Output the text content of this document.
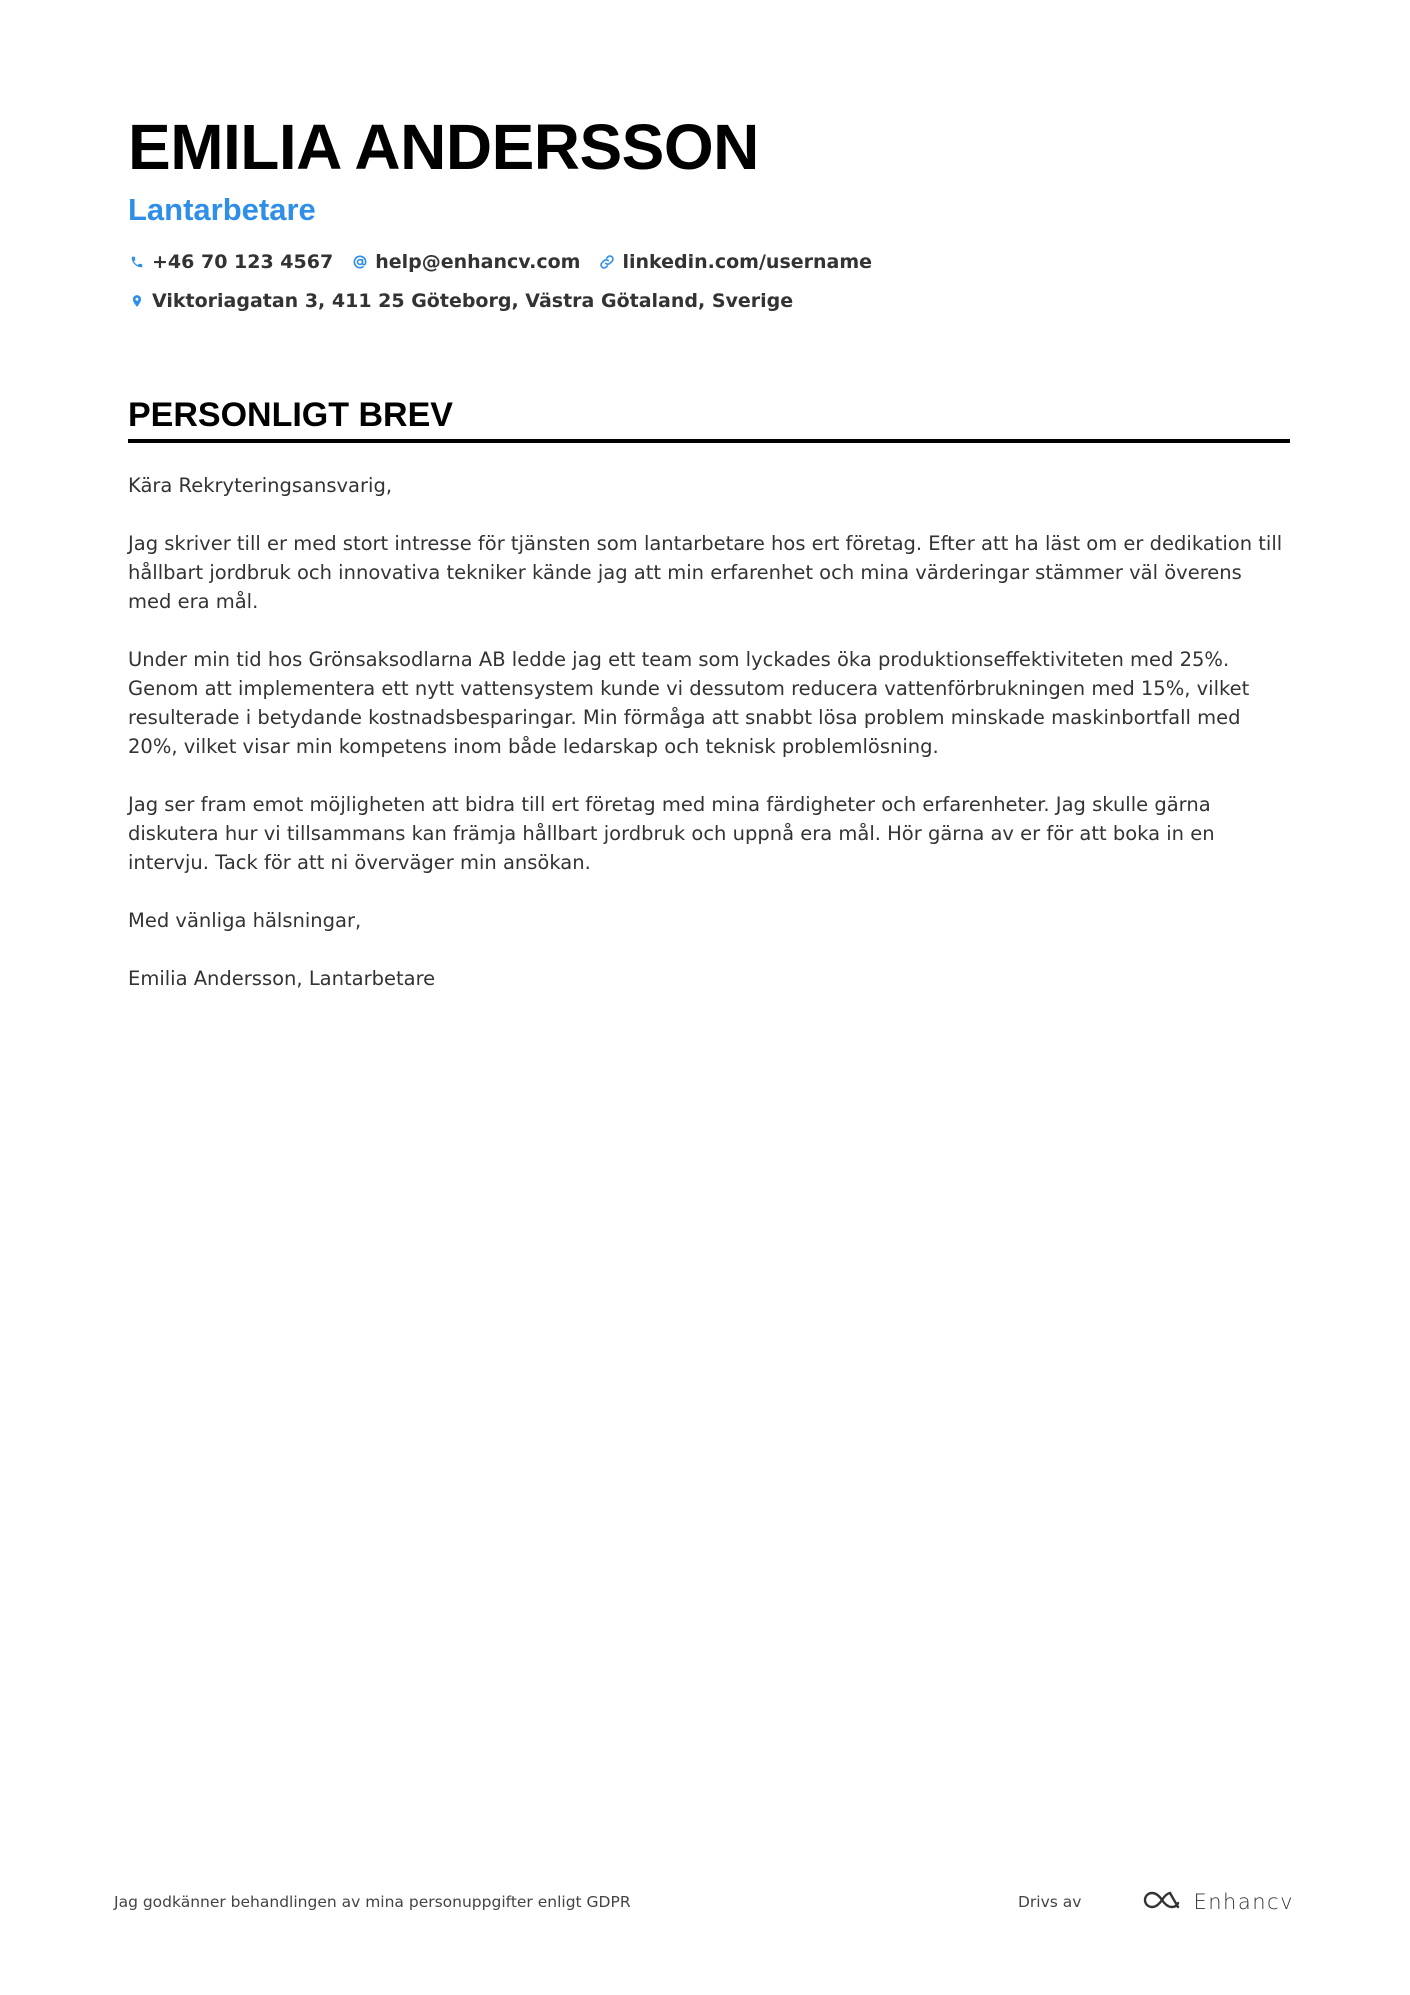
EMILIA ANDERSSON
Lantarbetare
+46 70 123 4567 help@enhancv.com linkedin.com/username
Viktoriagatan 3, 411 25 Göteborg, Västra Götaland, Sverige
PERSONLIGT BREV

Kära Rekryteringsansvarig,

Jag skriver till er med stort intresse för tjänsten som lantarbetare hos ert företag. Efter att ha läst om er dedikation till hållbart jordbruk och innovativa tekniker kände jag att min erfarenhet och mina värderingar stämmer väl överens med era mål.

Under min tid hos Grönsaksodlarna AB ledde jag ett team som lyckades öka produktionseffektiviteten med 25%. Genom att implementera ett nytt vattensystem kunde vi dessutom reducera vattenförbrukningen med 15%, vilket resulterade i betydande kostnadsbesparingar. Min förmåga att snabbt lösa problem minskade maskinbortfall med 20%, vilket visar min kompetens inom både ledarskap och teknisk problemlösning.

Jag ser fram emot möjligheten att bidra till ert företag med mina färdigheter och erfarenheter. Jag skulle gärna diskutera hur vi tillsammans kan främja hållbart jordbruk och uppnå era mål. Hör gärna av er för att boka in en intervju. Tack för att ni överväger min ansökan.

Med vänliga hälsningar,

Emilia Andersson, Lantarbetare

Jag godkänner behandlingen av mina personuppgifter enligt GDPR	Drivs av	Enhancv
